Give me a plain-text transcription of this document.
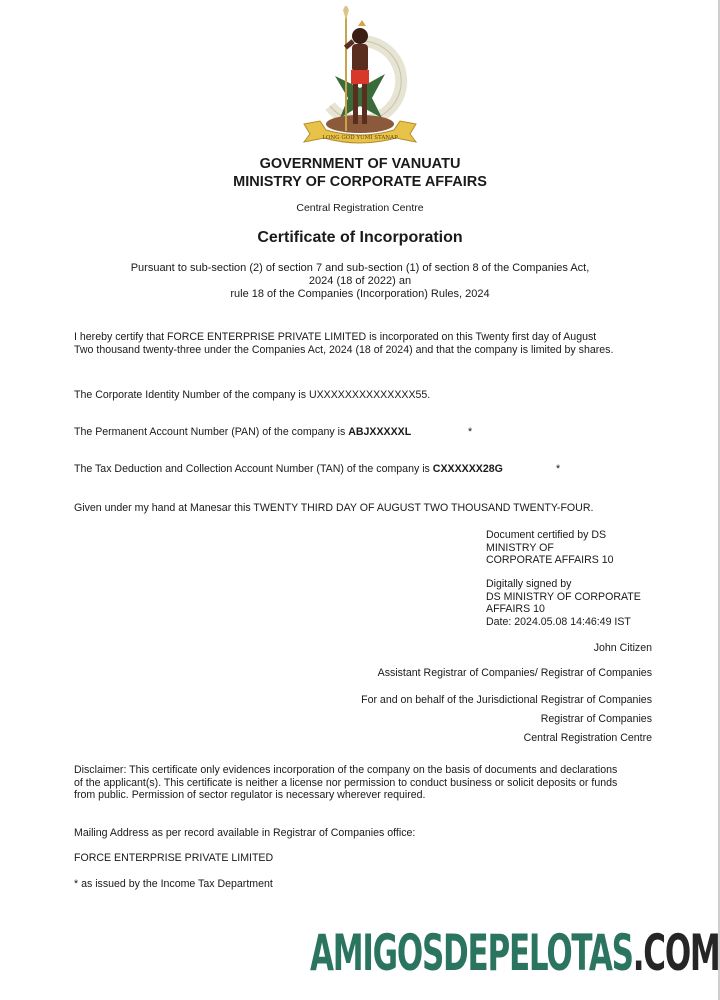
LONG GOD YUMI STANAP
GOVERNMENT OF VANUATU
MINISTRY OF CORPORATE AFFAIRS
Central Registration Centre
Certificate of Incorporation
Pursuant to sub-section (2) of section 7 and sub-section (1) of section 8 of the Companies Act,
2024 (18 of 2022) an
rule 18 of the Companies (Incorporation) Rules, 2024
I hereby certify that FORCE ENTERPRISE PRIVATE LIMITED is incorporated on this Twenty first day of August
Two thousand twenty-three under the Companies Act, 2024 (18 of 2024) and that the company is limited by shares.
The Corporate Identity Number of the company is UXXXXXXXXXXXXXX55.
The Permanent Account Number (PAN) of the company is ABJXXXXXL	*
The Tax Deduction and Collection Account Number (TAN) of the company is CXXXXXX28G	*
Given under my hand at Manesar this TWENTY THIRD DAY OF AUGUST TWO THOUSAND TWENTY-FOUR.
Document certified by DS
MINISTRY OF
CORPORATE AFFAIRS 10
Digitally signed by
DS MINISTRY OF CORPORATE
AFFAIRS 10
Date: 2024.05.08 14:46:49 IST
John Citizen
Assistant Registrar of Companies/ Registrar of Companies
For and on behalf of the Jurisdictional Registrar of Companies
Registrar of Companies
Central Registration Centre
Disclaimer: This certificate only evidences incorporation of the company on the basis of documents and declarations
of the applicant(s). This certificate is neither a license nor permission to conduct business or solicit deposits or funds
from public. Permission of sector regulator is necessary wherever required.
Mailing Address as per record available in Registrar of Companies office:
FORCE ENTERPRISE PRIVATE LIMITED
* as issued by the Income Tax Department
AMIGOSDEPELOTAS.COM
